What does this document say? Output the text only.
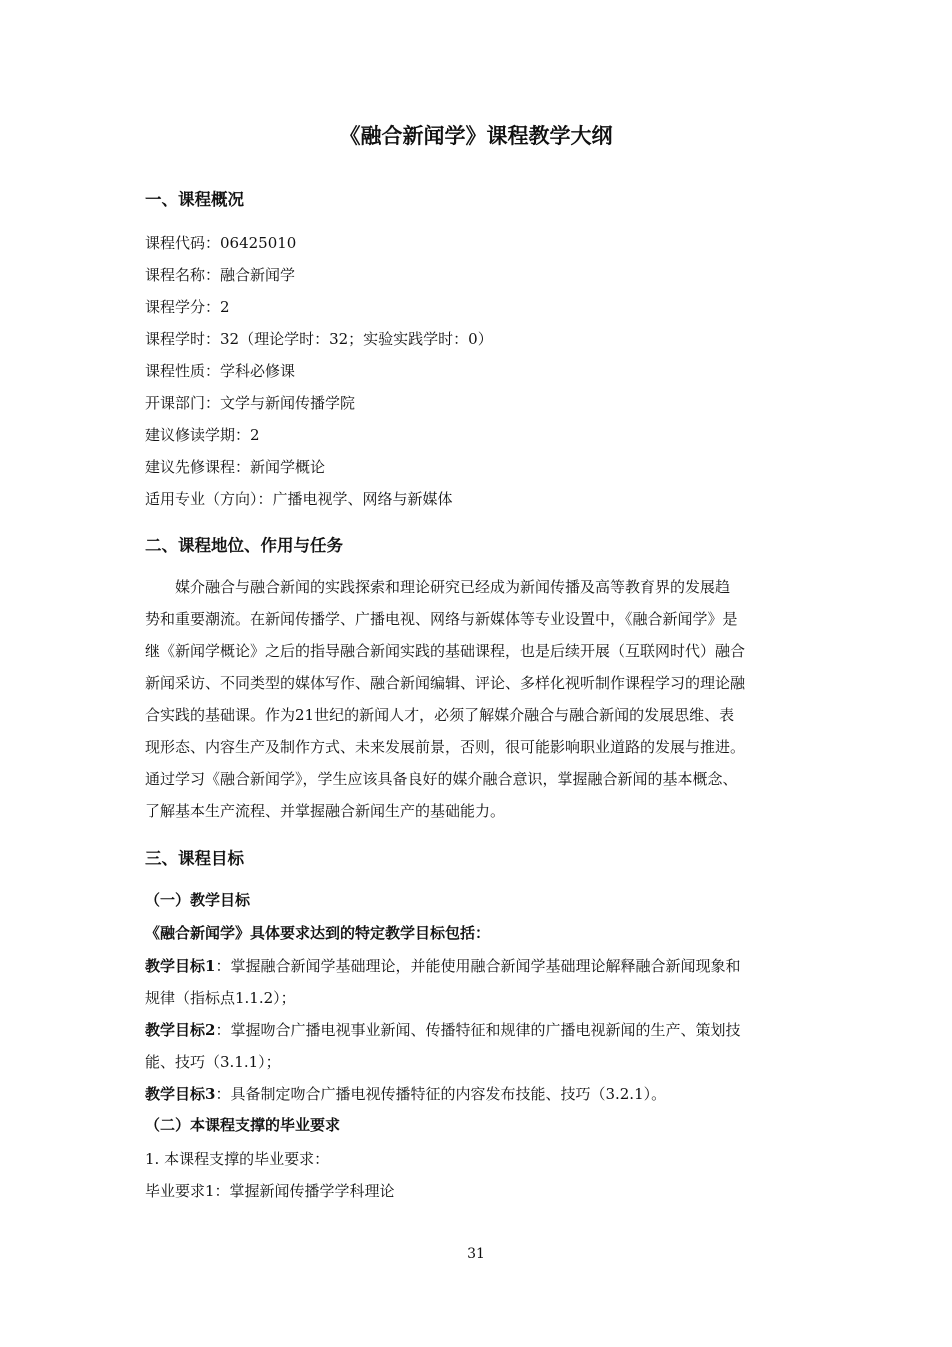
《融合新闻学》课程教学大纲
一、课程概况
课程代码：06425010
课程名称：融合新闻学
课程学分：2
课程学时：32（理论学时：32；实验实践学时：0）
课程性质：学科必修课
开课部门：文学与新闻传播学院
建议修读学期：2
建议先修课程：新闻学概论
适用专业（方向）：广播电视学、网络与新媒体
二、课程地位、作用与任务
　　媒介融合与融合新闻的实践探索和理论研究已经成为新闻传播及高等教育界的发展趋
势和重要潮流。在新闻传播学、广播电视、网络与新媒体等专业设置中，《融合新闻学》是
继《新闻学概论》之后的指导融合新闻实践的基础课程，也是后续开展（互联网时代）融合
新闻采访、不同类型的媒体写作、融合新闻编辑、评论、多样化视听制作课程学习的理论融
合实践的基础课。作为21世纪的新闻人才，必须了解媒介融合与融合新闻的发展思维、表
现形态、内容生产及制作方式、未来发展前景，否则，很可能影响职业道路的发展与推进。
通过学习《融合新闻学》，学生应该具备良好的媒介融合意识，掌握融合新闻的基本概念、
了解基本生产流程、并掌握融合新闻生产的基础能力。
三、课程目标
（一）教学目标
《融合新闻学》具体要求达到的特定教学目标包括：
教学目标1：掌握融合新闻学基础理论，并能使用融合新闻学基础理论解释融合新闻现象和
规律（指标点1.1.2）；
教学目标2：掌握吻合广播电视事业新闻、传播特征和规律的广播电视新闻的生产、策划技
能、技巧（3.1.1）；
教学目标3：具备制定吻合广播电视传播特征的内容发布技能、技巧（3.2.1）。
（二）本课程支撑的毕业要求
1. 本课程支撑的毕业要求：
毕业要求1：掌握新闻传播学学科理论
31
